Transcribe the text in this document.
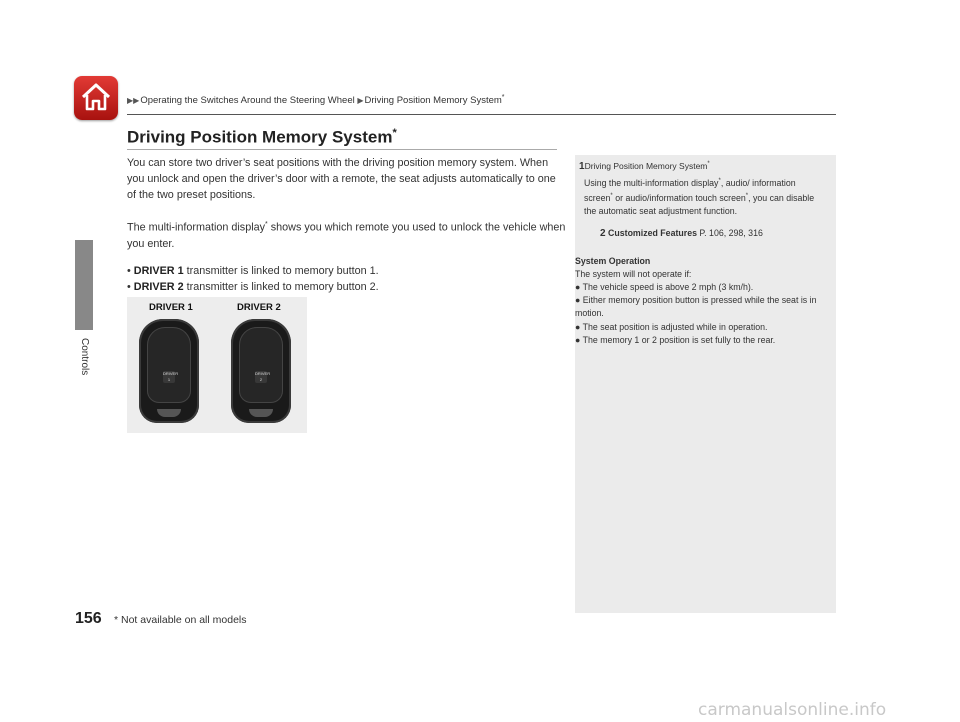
▶▶Operating the Switches Around the Steering Wheel ▶Driving Position Memory System*
Controls
Driving Position Memory System*
You can store two driver’s seat positions with the driving position memory system. When you unlock and open the driver’s door with a remote, the seat adjusts automatically to one of the two preset positions.
The multi-information display* shows you which remote you used to unlock the vehicle when you enter.
• DRIVER 1 transmitter is linked to memory button 1.
• DRIVER 2 transmitter is linked to memory button 2.
DRIVER 1	DRIVER 2
DRIVER
1
DRIVER
2
1Driving Position Memory System*
Using the multi-information display*, audio/ information screen* or audio/information touch screen*, you can disable the automatic seat adjustment function.
2 Customized Features P. 106, 298, 316
System Operation
The system will not operate if:
● The vehicle speed is above 2 mph (3 km/h).
● Either memory position button is pressed while the seat is in motion.
● The seat position is adjusted while in operation.
● The memory 1 or 2 position is set fully to the rear.
156 * Not available on all models
carmanualsonline.info
